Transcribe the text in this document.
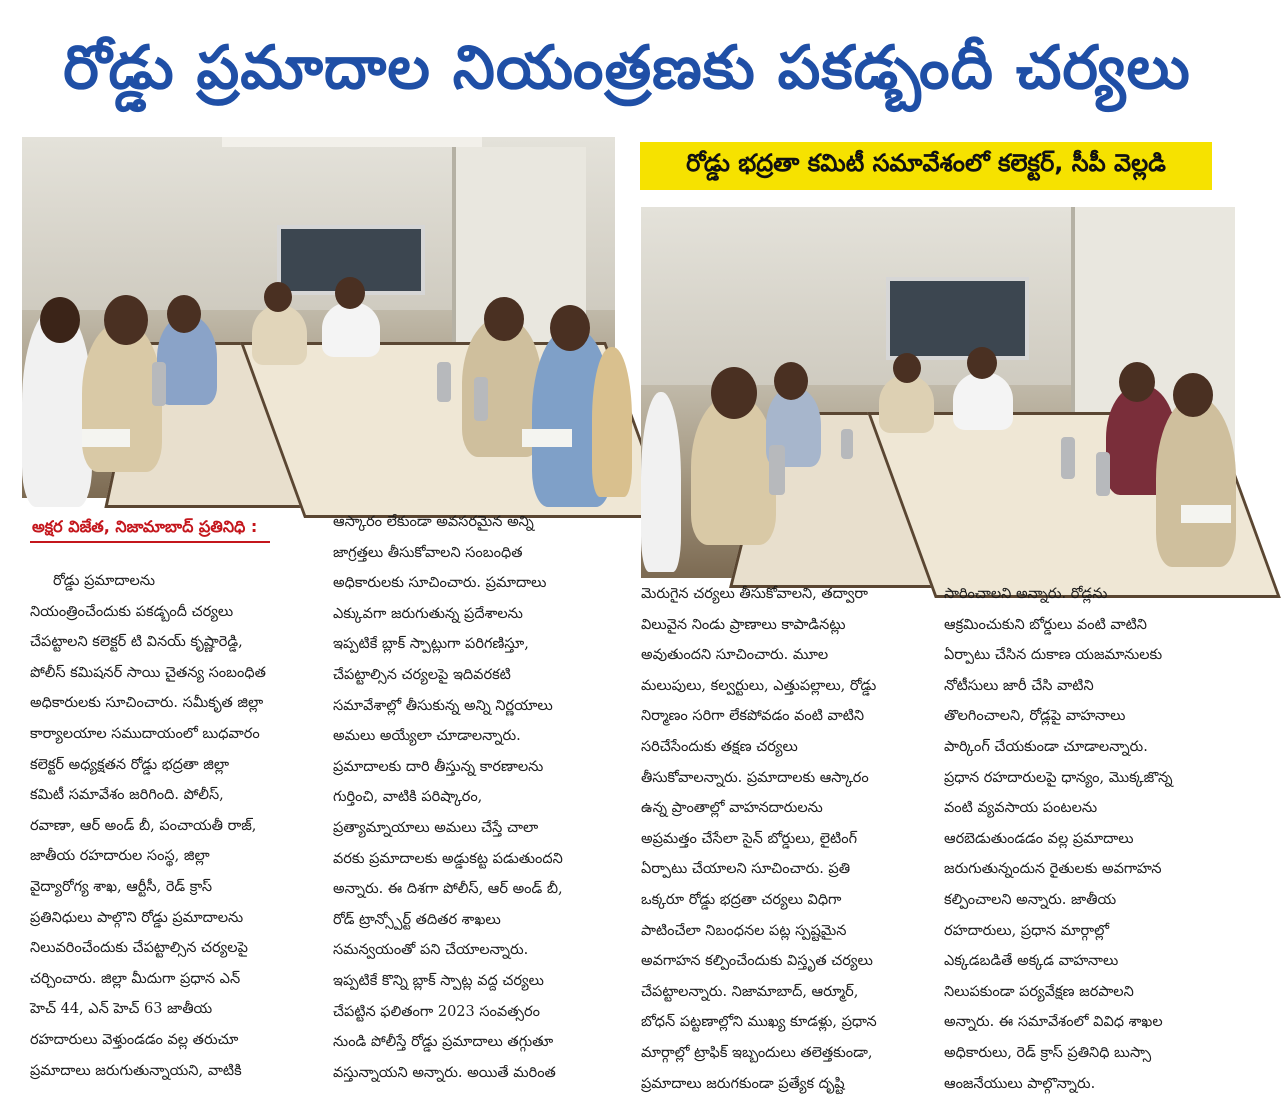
రోడ్డు ప్రమాదాల నియంత్రణకు పకడ్బందీ చర్యలు
రోడ్డు భద్రతా కమిటీ సమావేశంలో కలెక్టర్, సీపీ వెల్లడి
అక్షర విజేత, నిజామాబాద్ ప్రతినిధి :

రోడ్డు ప్రమాదాలను
నియంత్రించేందుకు పకడ్బందీ చర్యలు
చేపట్టాలని కలెక్టర్ టి వినయ్ కృష్ణారెడ్డి,
పోలీస్ కమిషనర్ సాయి చైతన్య సంబంధిత
అధికారులకు సూచించారు. సమీకృత జిల్లా
కార్యాలయాల సముదాయంలో బుధవారం
కలెక్టర్ అధ్యక్షతన రోడ్డు భద్రతా జిల్లా
కమిటీ సమావేశం జరిగింది. పోలీస్,
రవాణా, ఆర్ అండ్ బీ, పంచాయతీ రాజ్,
జాతీయ రహదారుల సంస్థ, జిల్లా
వైద్యారోగ్య శాఖ, ఆర్టీసీ, రెడ్ క్రాస్
ప్రతినిధులు పాల్గొని రోడ్డు ప్రమాదాలను
నిలువరించేందుకు చేపట్టాల్సిన చర్యలపై
చర్చించారు. జిల్లా మీదుగా ప్రధాన ఎన్
హెచ్ 44, ఎన్ హెచ్ 63 జాతీయ
రహదారులు వెళ్తుండడం వల్ల తరుచూ
ప్రమాదాలు జరుగుతున్నాయని, వాటికి

ఆస్కారం లేకుండా అవసరమైన అన్ని
జాగ్రత్తలు తీసుకోవాలని సంబంధిత
అధికారులకు సూచించారు. ప్రమాదాలు
ఎక్కువగా జరుగుతున్న ప్రదేశాలను
ఇప్పటికే బ్లాక్ స్పాట్లుగా పరిగణిస్తూ,
చేపట్టాల్సిన చర్యలపై ఇదివరకటి
సమావేశాల్లో తీసుకున్న అన్ని నిర్ణయాలు
అమలు అయ్యేలా చూడాలన్నారు.
ప్రమాదాలకు దారి తీస్తున్న కారణాలను
గుర్తించి, వాటికి పరిష్కారం,
ప్రత్యామ్నాయాలు అమలు చేస్తే చాలా
వరకు ప్రమాదాలకు అడ్డుకట్ట పడుతుందని
అన్నారు. ఈ దిశగా పోలీస్, ఆర్ అండ్ బీ,
రోడ్ ట్రాన్స్పోర్ట్ తదితర శాఖలు
సమన్వయంతో పని చేయాలన్నారు.
ఇప్పటికే కొన్ని బ్లాక్ స్పాట్ల వద్ద చర్యలు
చేపట్టిన ఫలితంగా 2023 సంవత్సరం
నుండి పోలీస్తే రోడ్డు ప్రమాదాలు తగ్గుతూ
వస్తున్నాయని అన్నారు. అయితే మరింత

మెరుగైన చర్యలు తీసుకోవాలని, తద్వారా
విలువైన నిండు ప్రాణాలు కాపాడినట్లు
అవుతుందని సూచించారు. మూల
మలుపులు, కల్వర్టులు, ఎత్తుపల్లాలు, రోడ్డు
నిర్మాణం సరిగా లేకపోవడం వంటి వాటిని
సరిచేసేందుకు తక్షణ చర్యలు
తీసుకోవాలన్నారు. ప్రమాదాలకు ఆస్కారం
ఉన్న ప్రాంతాల్లో వాహనదారులను
అప్రమత్తం చేసేలా సైన్ బోర్డులు, లైటింగ్
ఏర్పాటు చేయాలని సూచించారు. ప్రతి
ఒక్కరూ రోడ్డు భద్రతా చర్యలు విధిగా
పాటించేలా నిబంధనల పట్ల స్పష్టమైన
అవగాహన కల్పించేందుకు విస్తృత చర్యలు
చేపట్టాలన్నారు. నిజామాబాద్, ఆర్మూర్,
బోధన్ పట్టణాల్లోని ముఖ్య కూడళ్లు, ప్రధాన
మార్గాల్లో ట్రాఫిక్ ఇబ్బందులు తలెత్తకుండా,
ప్రమాదాలు జరుగకుండా ప్రత్యేక దృష్టి

సారించాలని అన్నారు. రోడ్లను
ఆక్రమించుకుని బోర్డులు వంటి వాటిని
ఏర్పాటు చేసిన దుకాణ యజమానులకు
నోటీసులు జారీ చేసి వాటిని
తొలగించాలని, రోడ్లపై వాహనాలు
పార్కింగ్ చేయకుండా చూడాలన్నారు.
ప్రధాన రహదారులపై ధాన్యం, మొక్కజొన్న
వంటి వ్యవసాయ పంటలను
ఆరబెడుతుండడం వల్ల ప్రమాదాలు
జరుగుతున్నందున రైతులకు అవగాహన
కల్పించాలని అన్నారు. జాతీయ
రహదారులు, ప్రధాన మార్గాల్లో
ఎక్కడబడితే అక్కడ వాహనాలు
నిలుపకుండా పర్యవేక్షణ జరపాలని
అన్నారు. ఈ సమావేశంలో వివిధ శాఖల
అధికారులు, రెడ్ క్రాస్ ప్రతినిధి బుస్సా
ఆంజనేయులు పాల్గొన్నారు.
